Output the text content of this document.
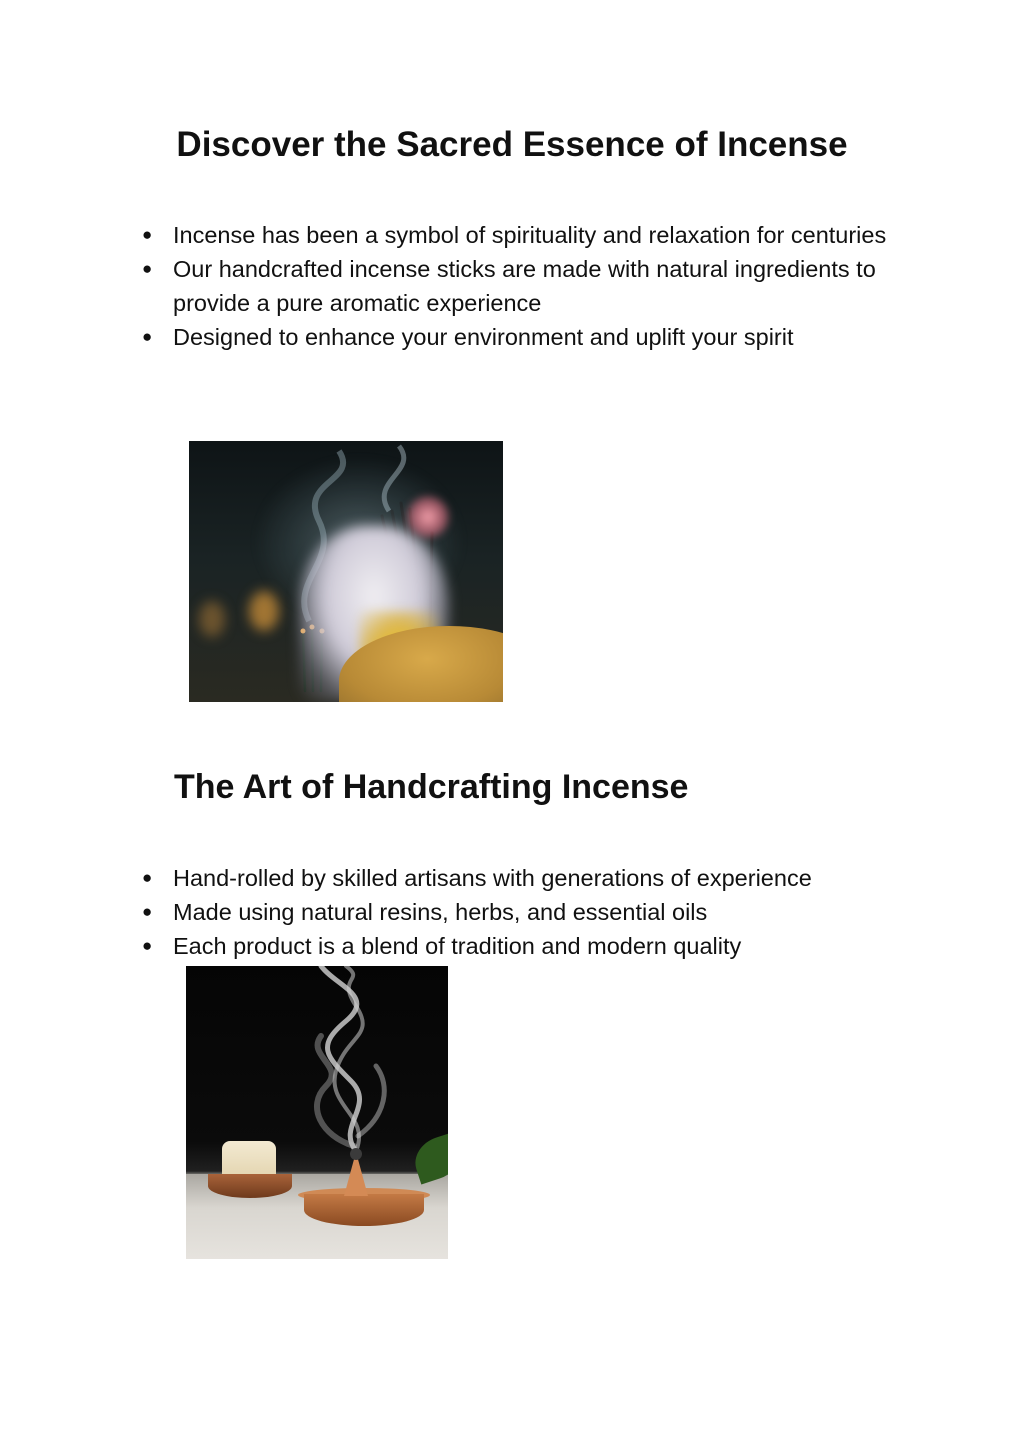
Discover the Sacred Essence of Incense
● Incense has been a symbol of spirituality and relaxation for centuries
● Our handcrafted incense sticks are made with natural ingredients to provide a pure aromatic experience
● Designed to enhance your environment and uplift your spirit
The Art of Handcrafting Incense
● Hand-rolled by skilled artisans with generations of experience
● Made using natural resins, herbs, and essential oils
● Each product is a blend of tradition and modern quality
